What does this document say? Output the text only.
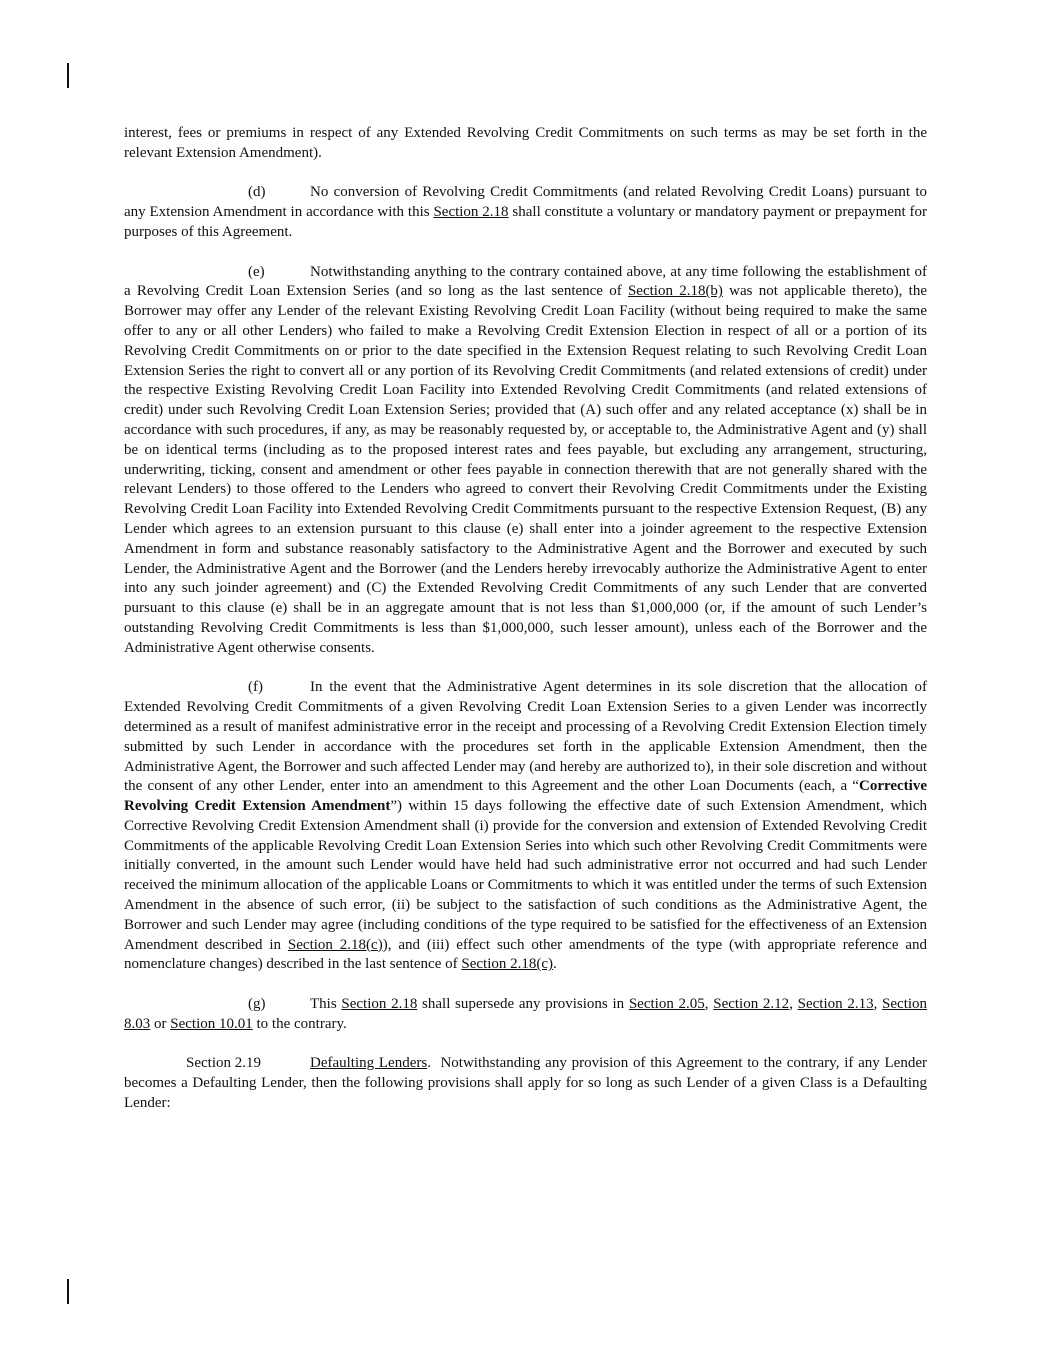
interest, fees or premiums in respect of any Extended Revolving Credit Commitments on such terms as may be set forth in the relevant Extension Amendment).

(d)	No conversion of Revolving Credit Commitments (and related Revolving Credit Loans) pursuant to any Extension Amendment in accordance with this Section 2.18 shall constitute a voluntary or mandatory payment or prepayment for purposes of this Agreement.

(e)	Notwithstanding anything to the contrary contained above, at any time following the establishment of a Revolving Credit Loan Extension Series (and so long as the last sentence of Section 2.18(b) was not applicable thereto), the Borrower may offer any Lender of the relevant Existing Revolving Credit Loan Facility (without being required to make the same offer to any or all other Lenders) who failed to make a Revolving Credit Extension Election in respect of all or a portion of its Revolving Credit Commitments on or prior to the date specified in the Extension Request relating to such Revolving Credit Loan Extension Series the right to convert all or any portion of its Revolving Credit Commitments (and related extensions of credit) under the respective Existing Revolving Credit Loan Facility into Extended Revolving Credit Commitments (and related extensions of credit) under such Revolving Credit Loan Extension Series; provided that (A) such offer and any related acceptance (x) shall be in accordance with such procedures, if any, as may be reasonably requested by, or acceptable to, the Administrative Agent and (y) shall be on identical terms (including as to the proposed interest rates and fees payable, but excluding any arrangement, structuring, underwriting, ticking, consent and amendment or other fees payable in connection therewith that are not generally shared with the relevant Lenders) to those offered to the Lenders who agreed to convert their Revolving Credit Commitments under the Existing Revolving Credit Loan Facility into Extended Revolving Credit Commitments pursuant to the respective Extension Request, (B) any Lender which agrees to an extension pursuant to this clause (e) shall enter into a joinder agreement to the respective Extension Amendment in form and substance reasonably satisfactory to the Administrative Agent and the Borrower and executed by such Lender, the Administrative Agent and the Borrower (and the Lenders hereby irrevocably authorize the Administrative Agent to enter into any such joinder agreement) and (C) the Extended Revolving Credit Commitments of any such Lender that are converted pursuant to this clause (e) shall be in an aggregate amount that is not less than $1,000,000 (or, if the amount of such Lender’s outstanding Revolving Credit Commitments is less than $1,000,000, such lesser amount), unless each of the Borrower and the Administrative Agent otherwise consents.

(f)	In the event that the Administrative Agent determines in its sole discretion that the allocation of Extended Revolving Credit Commitments of a given Revolving Credit Loan Extension Series to a given Lender was incorrectly determined as a result of manifest administrative error in the receipt and processing of a Revolving Credit Extension Election timely submitted by such Lender in accordance with the procedures set forth in the applicable Extension Amendment, then the Administrative Agent, the Borrower and such affected Lender may (and hereby are authorized to), in their sole discretion and without the consent of any other Lender, enter into an amendment to this Agreement and the other Loan Documents (each, a “Corrective Revolving Credit Extension Amendment”) within 15 days following the effective date of such Extension Amendment, which Corrective Revolving Credit Extension Amendment shall (i) provide for the conversion and extension of Extended Revolving Credit Commitments of the applicable Revolving Credit Loan Extension Series into which such other Revolving Credit Commitments were initially converted, in the amount such Lender would have held had such administrative error not occurred and had such Lender received the minimum allocation of the applicable Loans or Commitments to which it was entitled under the terms of such Extension Amendment in the absence of such error, (ii) be subject to the satisfaction of such conditions as the Administrative Agent, the Borrower and such Lender may agree (including conditions of the type required to be satisfied for the effectiveness of an Extension Amendment described in Section 2.18(c)), and (iii) effect such other amendments of the type (with appropriate reference and nomenclature changes) described in the last sentence of Section 2.18(c).

(g)	This Section 2.18 shall supersede any provisions in Section 2.05, Section 2.12, Section 2.13, Section 8.03 or Section 10.01 to the contrary.

Section 2.19	Defaulting Lenders.  Notwithstanding any provision of this Agreement to the contrary, if any Lender becomes a Defaulting Lender, then the following provisions shall apply for so long as such Lender of a given Class is a Defaulting Lender:
